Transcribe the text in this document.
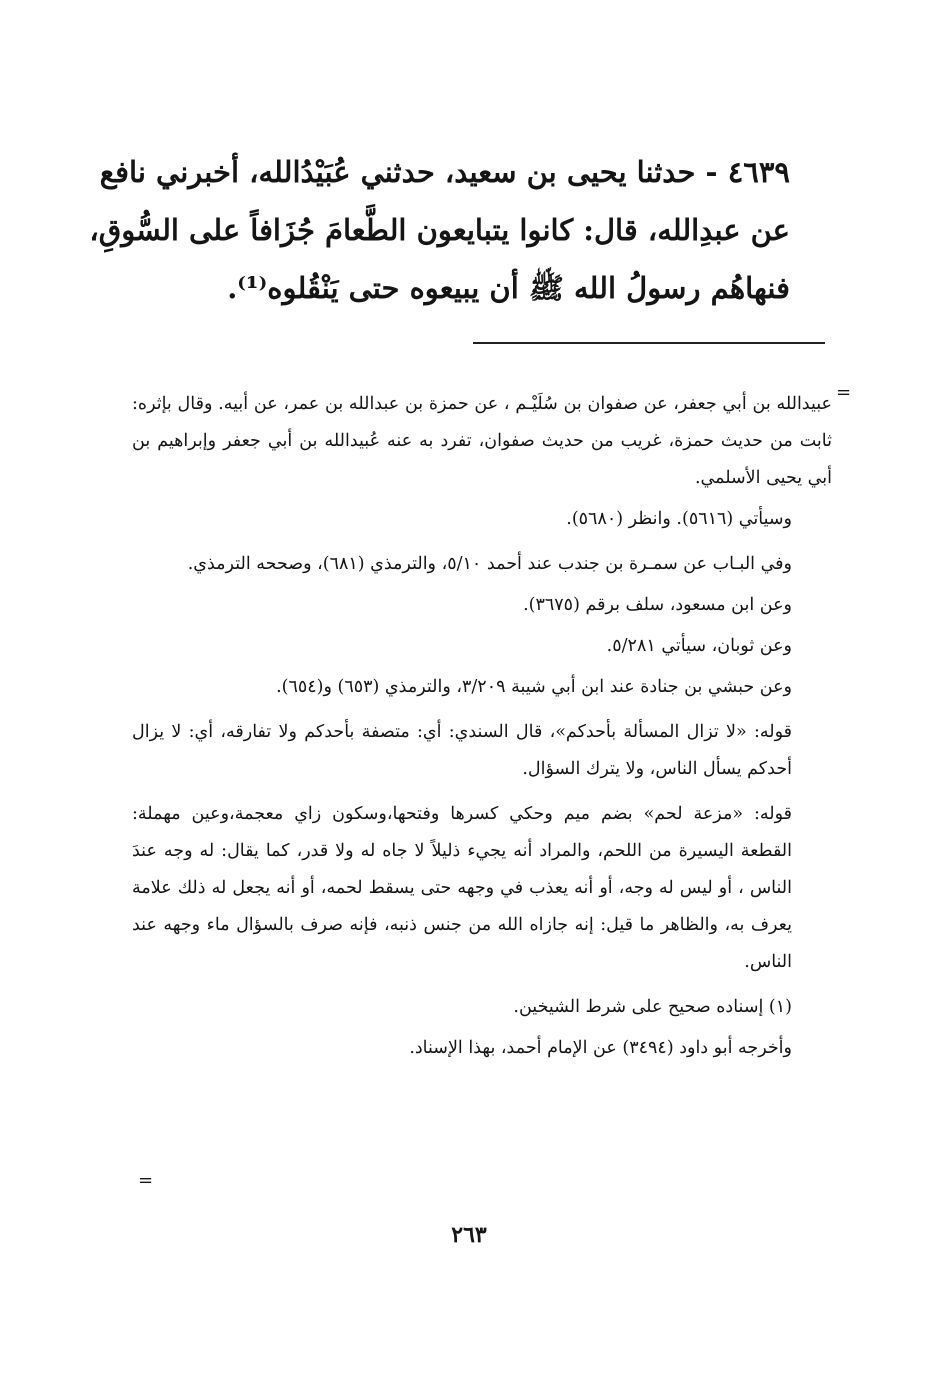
٤٦٣٩ - حدثنا يحيى بن سعيد، حدثني عُبَيْدُالله، أخبرني نافع

عن عبدِالله، قال: كانوا يتبايعون الطَّعامَ جُزَافاً على السُّوقِ،

فنهاهُم رسولُ الله ﷺ أن يبيعوه حتى يَنْقُلوه⁽¹⁾.

=

عبيدالله بن أبي جعفر، عن صفوان بن سُلَيْـم ، عن حمزة بن عبدالله بن عمر، عن أبيه. وقال بإثره: ثابت من حديث حمزة، غريب من حديث صفوان، تفرد به عنه عُبيدالله بن أبي جعفر وإبراهيم بن أبي يحيى الأسلمي.

وسيأتي (٥٦١٦). وانظر (٥٦٨٠).

وفي البـاب عن سمـرة بن جندب عند أحمد ٥/١٠، والترمذي (٦٨١)، وصححه الترمذي.

وعن ابن مسعود، سلف برقم (٣٦٧٥).

وعن ثوبان، سيأتي ٥/٢٨١.

وعن حبشي بن جنادة عند ابن أبي شيبة ٣/٢٠٩، والترمذي (٦٥٣) و(٦٥٤).

قوله: «لا تزال المسألة بأحدكم»، قال السندي: أي: متصفة بأحدكم ولا تفارقه، أي: لا يزال أحدكم يسأل الناس، ولا يترك السؤال.

قوله: «مزعة لحم» بضم ميم وحكي كسرها وفتحها،وسكون زاي معجمة،وعين مهملة: القطعة اليسيرة من اللحم، والمراد أنه يجيء ذليلاً لا جاه له ولا قدر، كما يقال: له وجه عندَ الناس ، أو ليس له وجه، أو أنه يعذب في وجهه حتى يسقط لحمه، أو أنه يجعل له ذلك علامة يعرف به، والظاهر ما قيل: إنه جازاه الله من جنس ذنبه، فإنه صرف بالسؤال ماء وجهه عند الناس.

(١) إسناده صحيح على شرط الشيخين.

وأخرجه أبو داود (٣٤٩٤) عن الإمام أحمد، بهذا الإسناد.

=
٢٦٣
